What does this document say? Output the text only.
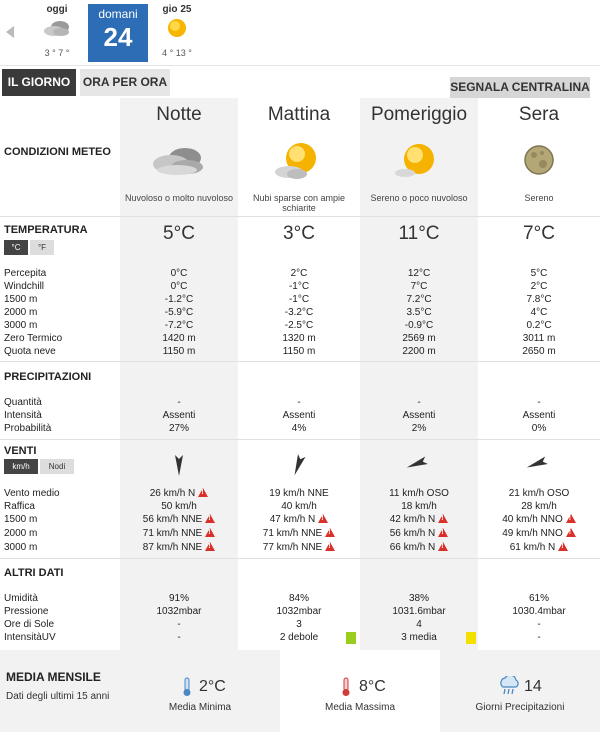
oggi
3 ° 7 °
domani
24
gio 25
4 ° 13 °
IL GIORNO	ORA PER ORA	SEGNALA CENTRALINA
Notte	Mattina	Pomeriggio	Sera
CONDIZIONI METEO
Nuvoloso o molto nuvoloso	Nubi sparse con ampie schiarite
Sereno o poco nuvoloso	Sereno
TEMPERATURA
°C	°F
5°C	3°C	11°C	7°C
Percepita	0°C	2°C	12°C	5°C
Windchill	0°C	-1°C	7°C	2°C
1500 m	-1.2°C	-1°C	7.2°C	7.8°C
2000 m	-5.9°C	-3.2°C	3.5°C	4°C
3000 m	-7.2°C	-2.5°C	-0.9°C	0.2°C
Zero Termico	1420 m	1320 m	2569 m	3011 m
Quota neve	1150 m	1150 m	2200 m	2650 m
PRECIPITAZIONI
Quantità	-	-	-	-
Intensità	Assenti	Assenti	Assenti	Assenti
Probabilità	27%	4%	2%	0%
VENTI
km/h	Nodi
Vento medio	26 km/h N !	19 km/h NNE	11 km/h OSO	21 km/h OSO
Raffica	50 km/h	40 km/h	18 km/h	28 km/h
1500 m	56 km/h NNE !	47 km/h N !	42 km/h N !	40 km/h NNO!
2000 m	71 km/h NNE !	71 km/h NNE !	56 km/h N !	49 km/h NNO!
3000 m	87 km/h NNE !	77 km/h NNE !	66 km/h N !	61 km/h N!
ALTRI DATI
Umidità	91%	84%	38%	61%
Pressione	1032mbar	1032mbar	1031.6mbar	1030.4mbar
Ore di Sole	-	3	4	-
IntensitàUV	-	2 debole	3 media	-
MEDIA MENSILE
Dati degli ultimi 15 anni
2°C
Media Minima
8°C
Media Massima
14
Giorni Precipitazioni
